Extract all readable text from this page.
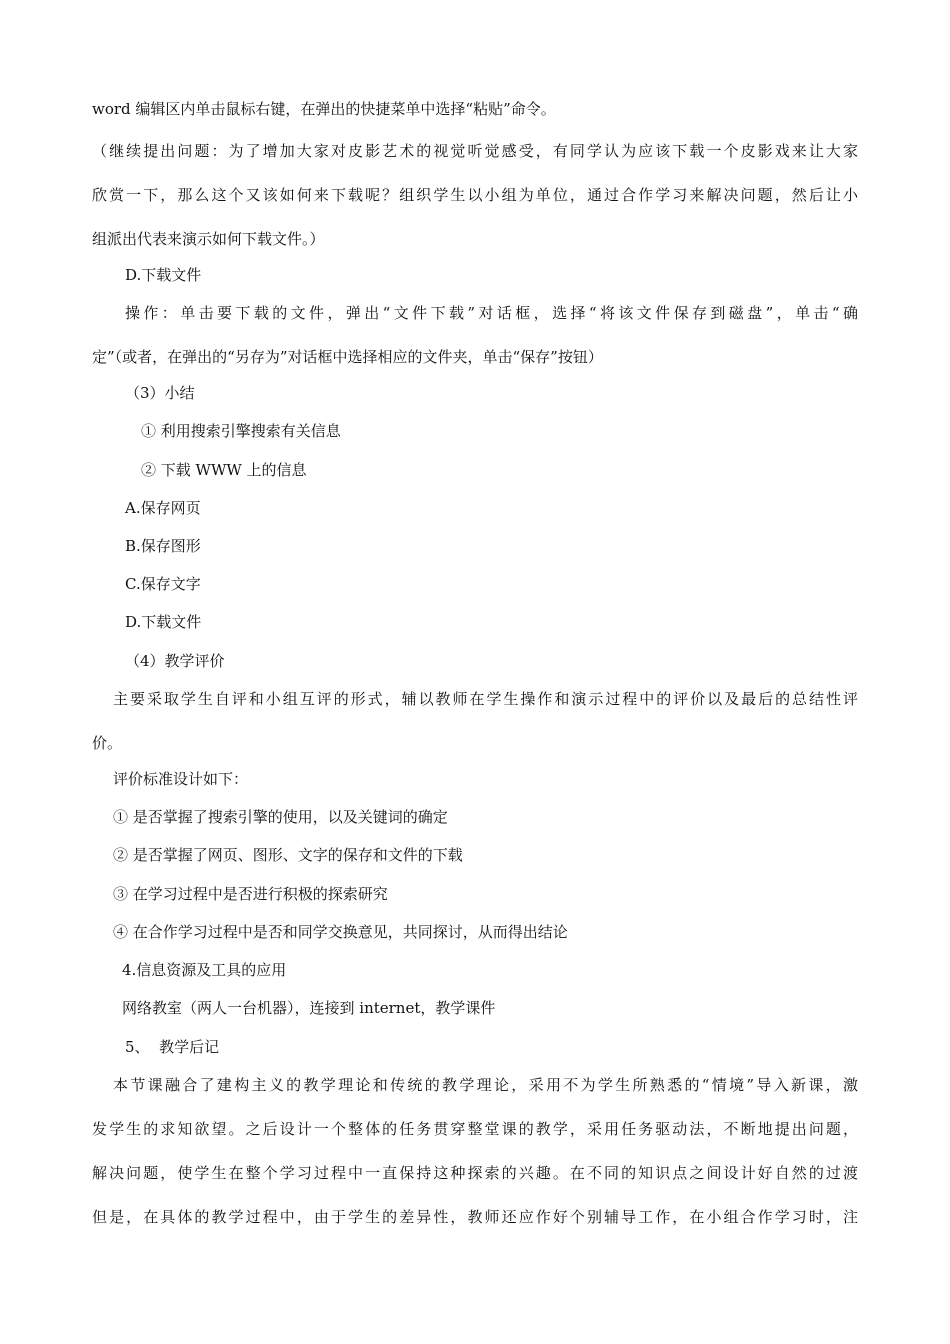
word 编辑区内单击鼠标右键，在弹出的快捷菜单中选择“粘贴”命令。
（继续提出问题：为了增加大家对皮影艺术的视觉听觉感受，有同学认为应该下载一个皮影戏来让大家
欣赏一下，那么这个又该如何来下载呢？组织学生以小组为单位，通过合作学习来解决问题，然后让小
组派出代表来演示如何下载文件。）
D.下载文件
操作：单击要下载的文件，弹出“文件下载”对话框，选择“将该文件保存到磁盘”，单击“确
定”（或者，在弹出的“另存为”对话框中选择相应的文件夹，单击“保存”按钮）
（3）小结
① 利用搜索引擎搜索有关信息
② 下载 WWW 上的信息
A.保存网页
B.保存图形
C.保存文字
D.下载文件
（4）教学评价
主要采取学生自评和小组互评的形式，辅以教师在学生操作和演示过程中的评价以及最后的总结性评
价。
评价标准设计如下：
① 是否掌握了搜索引擎的使用，以及关键词的确定
② 是否掌握了网页、图形、文字的保存和文件的下载
③ 在学习过程中是否进行积极的探索研究
④ 在合作学习过程中是否和同学交换意见，共同探讨，从而得出结论
4.信息资源及工具的应用
网络教室（两人一台机器），连接到 internet，教学课件
5、  教学后记
本节课融合了建构主义的教学理论和传统的教学理论，采用不为学生所熟悉的“情境”导入新课，激
发学生的求知欲望。之后设计一个整体的任务贯穿整堂课的教学，采用任务驱动法，不断地提出问题，
解决问题，使学生在整个学习过程中一直保持这种探索的兴趣。在不同的知识点之间设计好自然的过渡
但是，在具体的教学过程中，由于学生的差异性，教师还应作好个别辅导工作，在小组合作学习时，注
